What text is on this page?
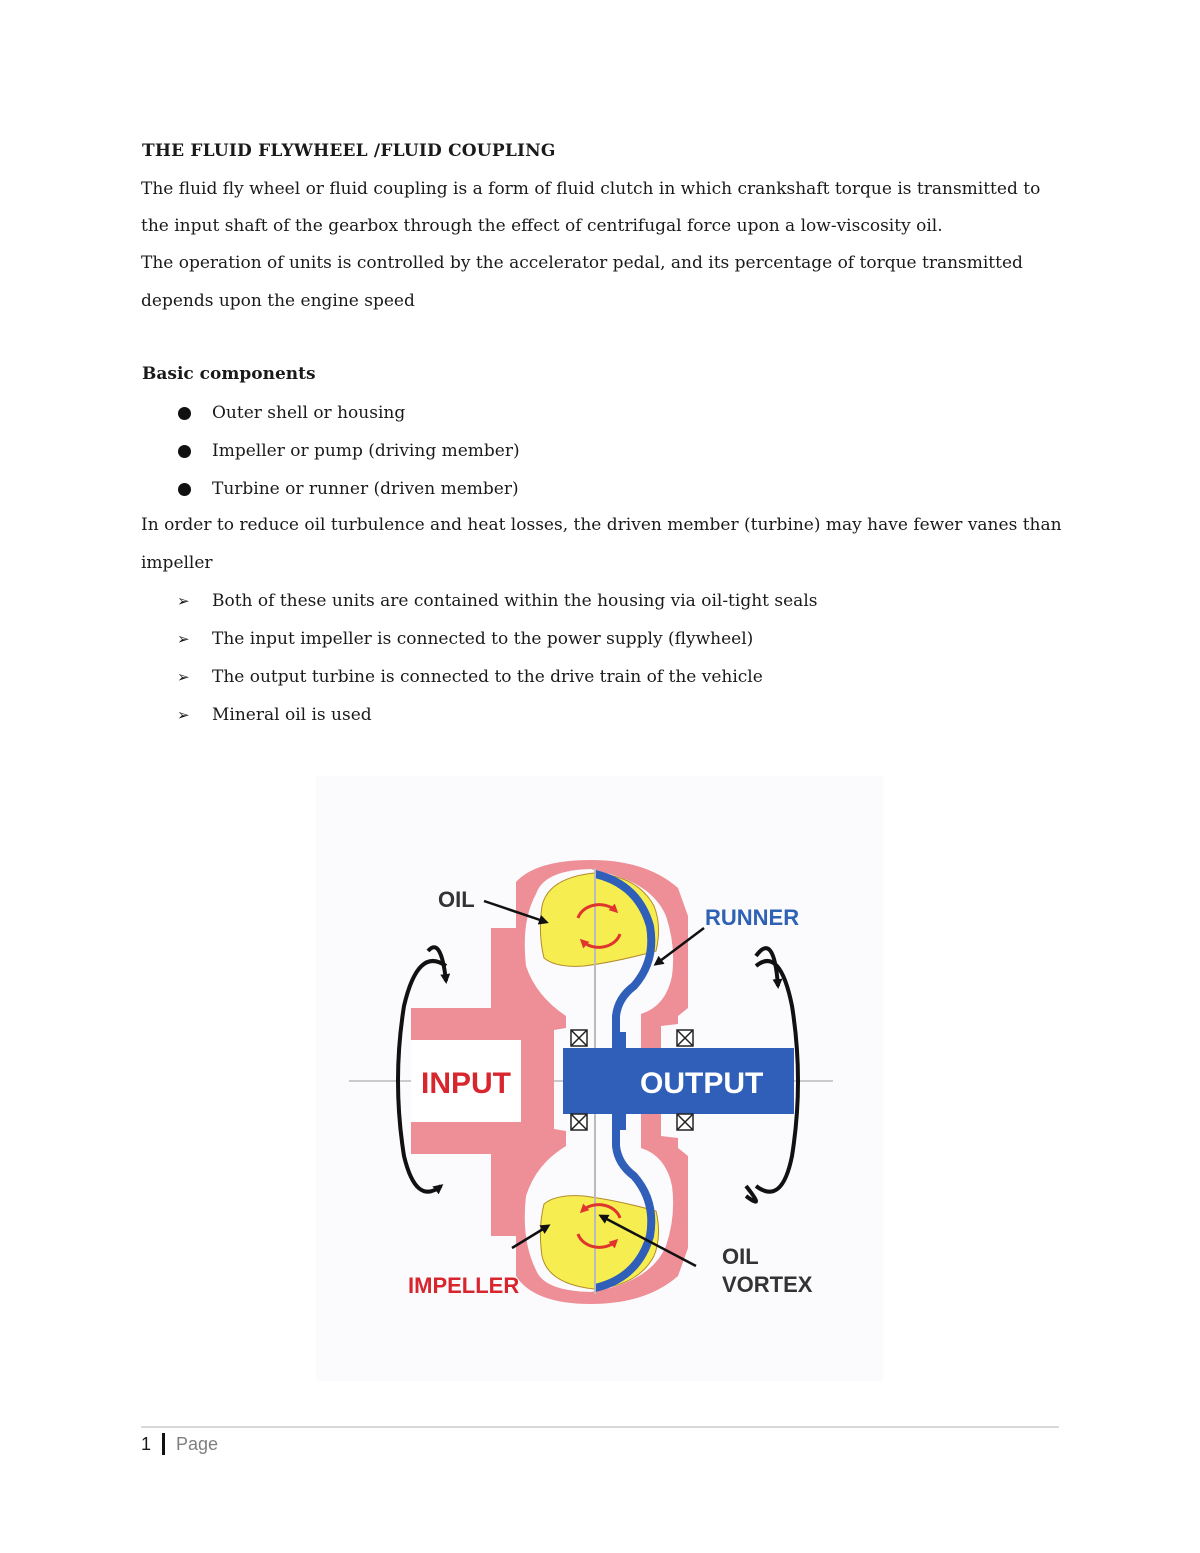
THE FLUID FLYWHEEL /FLUID COUPLING
The fluid fly wheel or fluid coupling is a form of fluid clutch in which crankshaft torque is transmitted to
the input shaft of the gearbox through the effect of centrifugal force upon a low-viscosity oil.
The operation of units is controlled by the accelerator pedal, and its percentage of torque transmitted
depends upon the engine speed
Basic components
Outer shell or housing
Impeller or pump (driving member)
Turbine or runner (driven member)
In order to reduce oil turbulence and heat losses, the driven member (turbine) may have fewer vanes than
impeller
➢ Both of these units are contained within the housing via oil-tight seals
➢ The input impeller is connected to the power supply (flywheel)
➢ The output turbine is connected to the drive train of the vehicle
➢ Mineral oil is used
OIL
RUNNER
INPUT	OUTPUT
IMPELLER
OIL
VORTEX
1 Page
